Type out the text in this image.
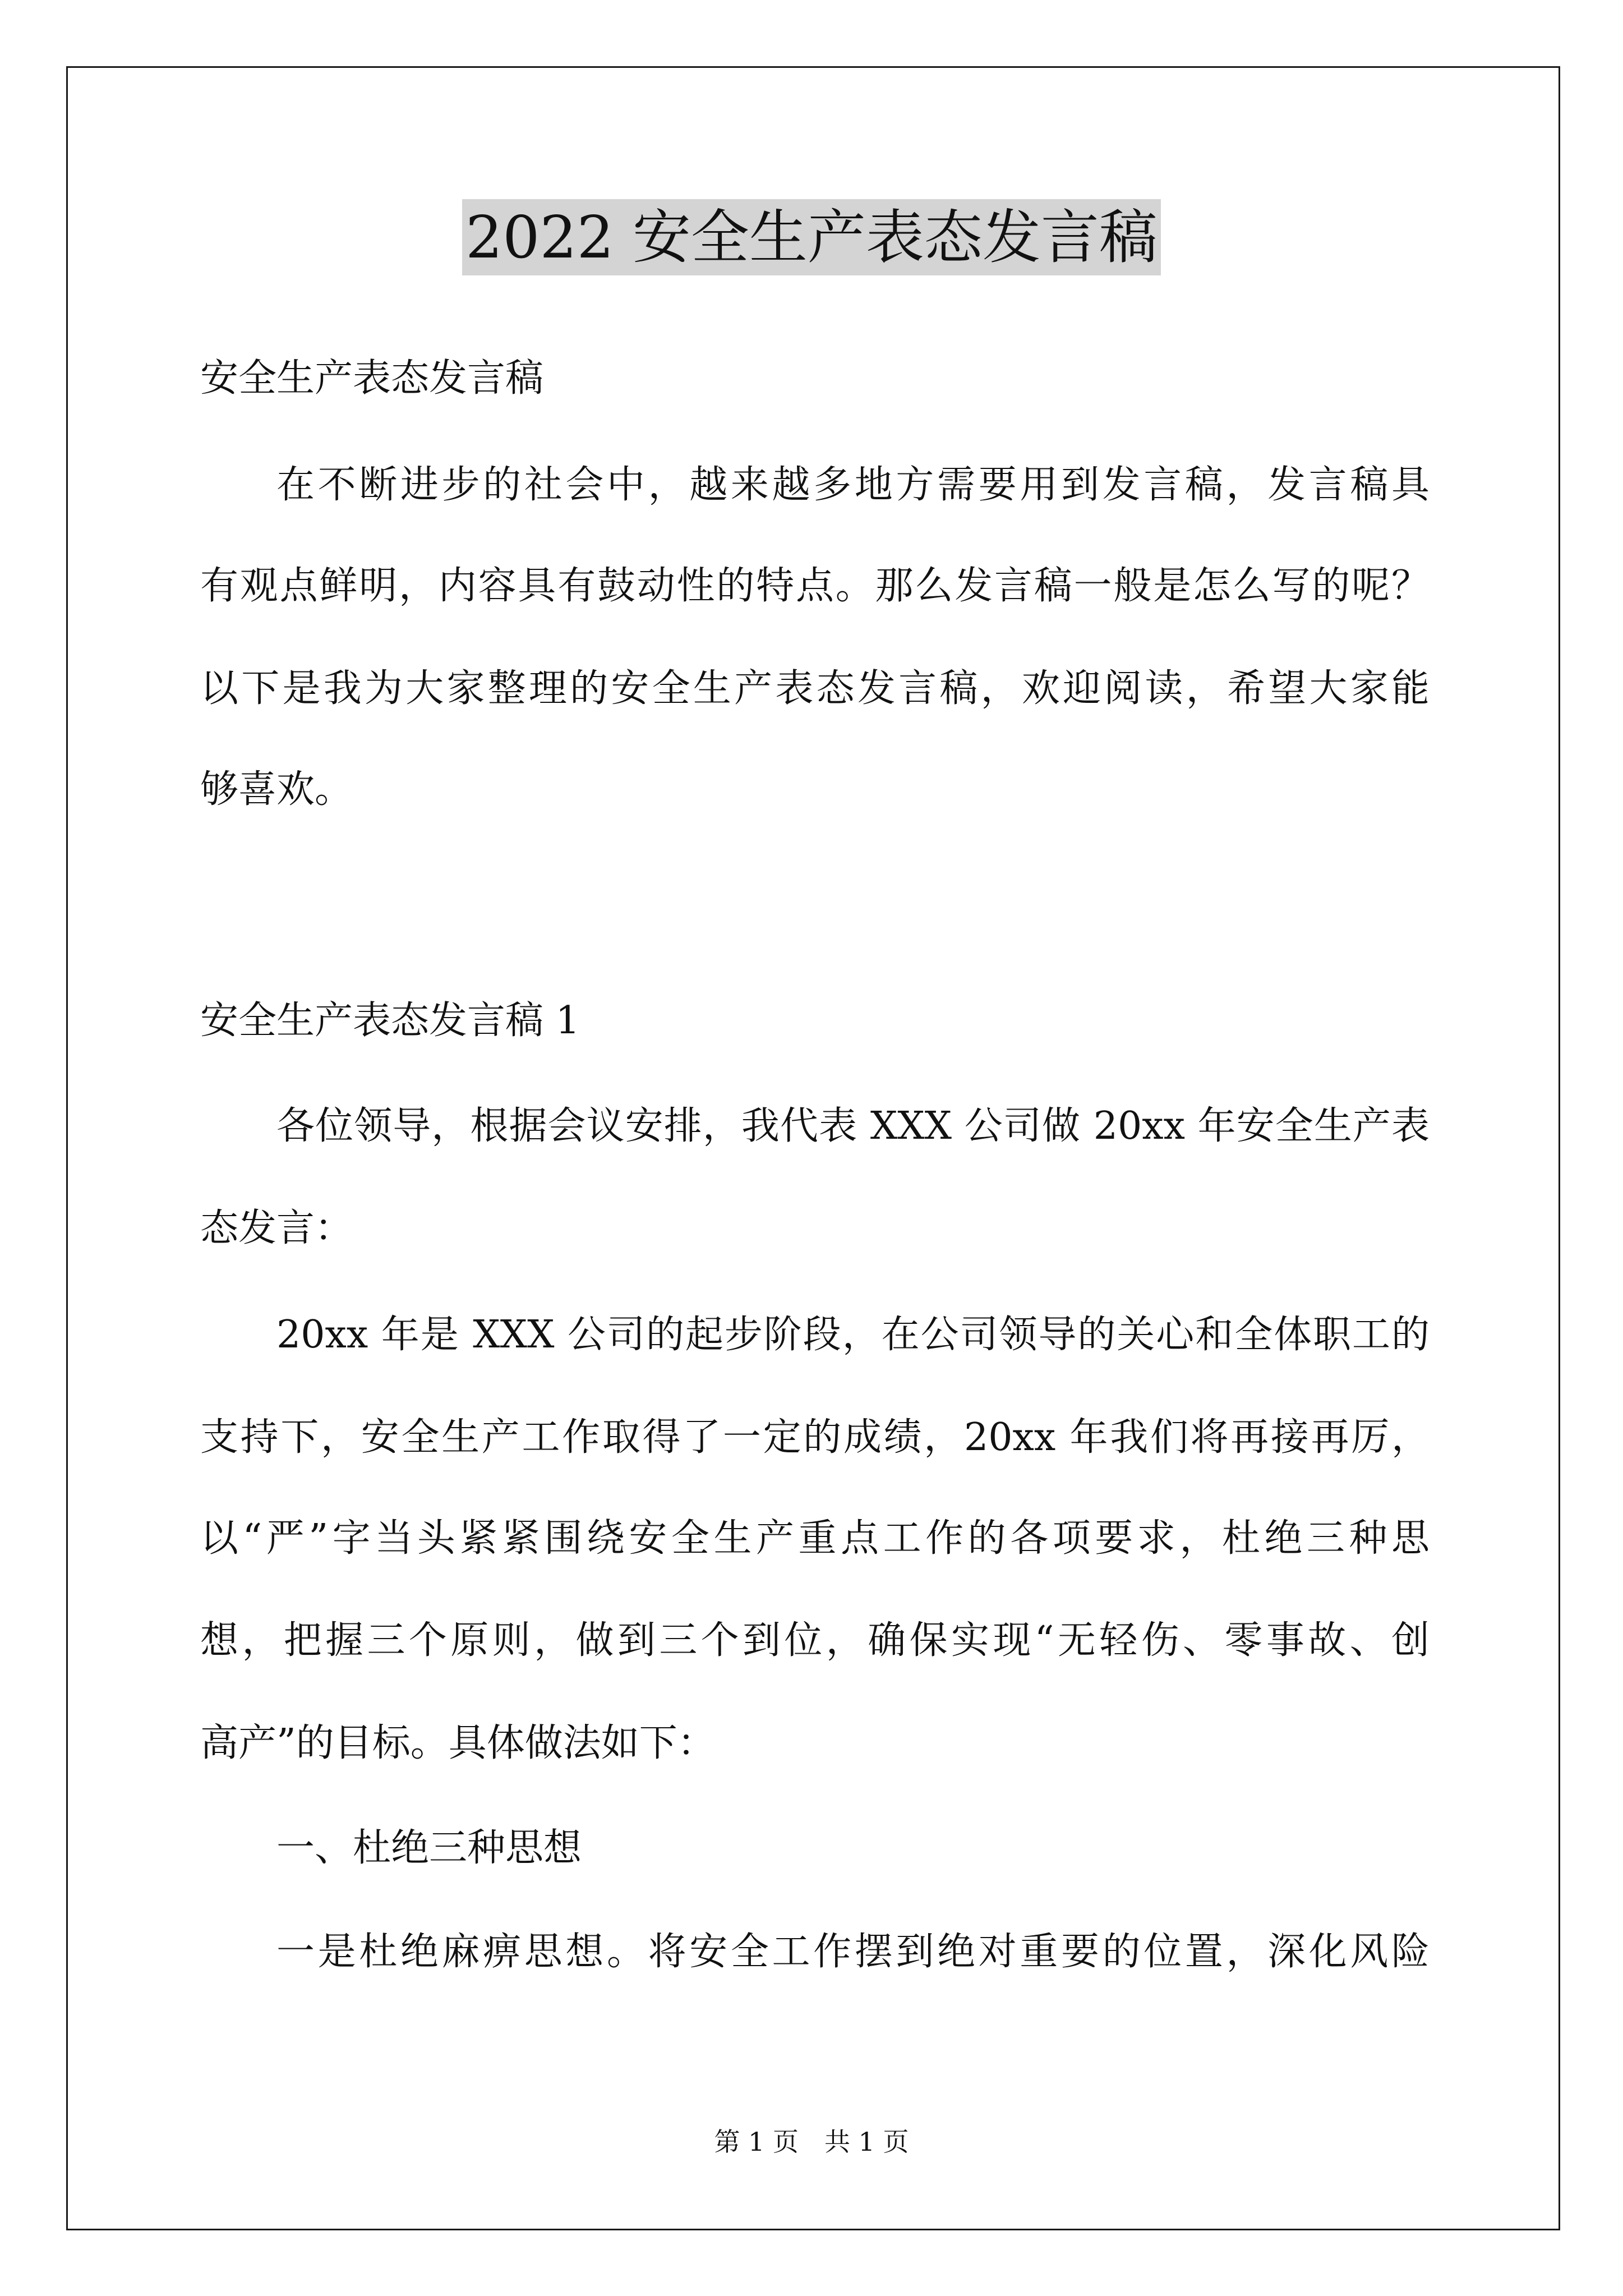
2022 安全生产表态发言稿
安全生产表态发言稿
在不断进步的社会中，越来越多地方需要用到发言稿，发言稿具
有观点鲜明，内容具有鼓动性的特点。那么发言稿一般是怎么写的呢？
以下是我为大家整理的安全生产表态发言稿，欢迎阅读，希望大家能
够喜欢。
安全生产表态发言稿 1
各位领导，根据会议安排，我代表 XXX 公司做 20xx 年安全生产表
态发言：
20xx 年是 XXX 公司的起步阶段，在公司领导的关心和全体职工的
支持下，安全生产工作取得了一定的成绩，20xx 年我们将再接再厉，
以“严”字当头紧紧围绕安全生产重点工作的各项要求，杜绝三种思
想，把握三个原则，做到三个到位，确保实现“无轻伤、零事故、创
高产”的目标。具体做法如下：
一、杜绝三种思想
一是杜绝麻痹思想。将安全工作摆到绝对重要的位置，深化风险
第 1 页　共 1 页
